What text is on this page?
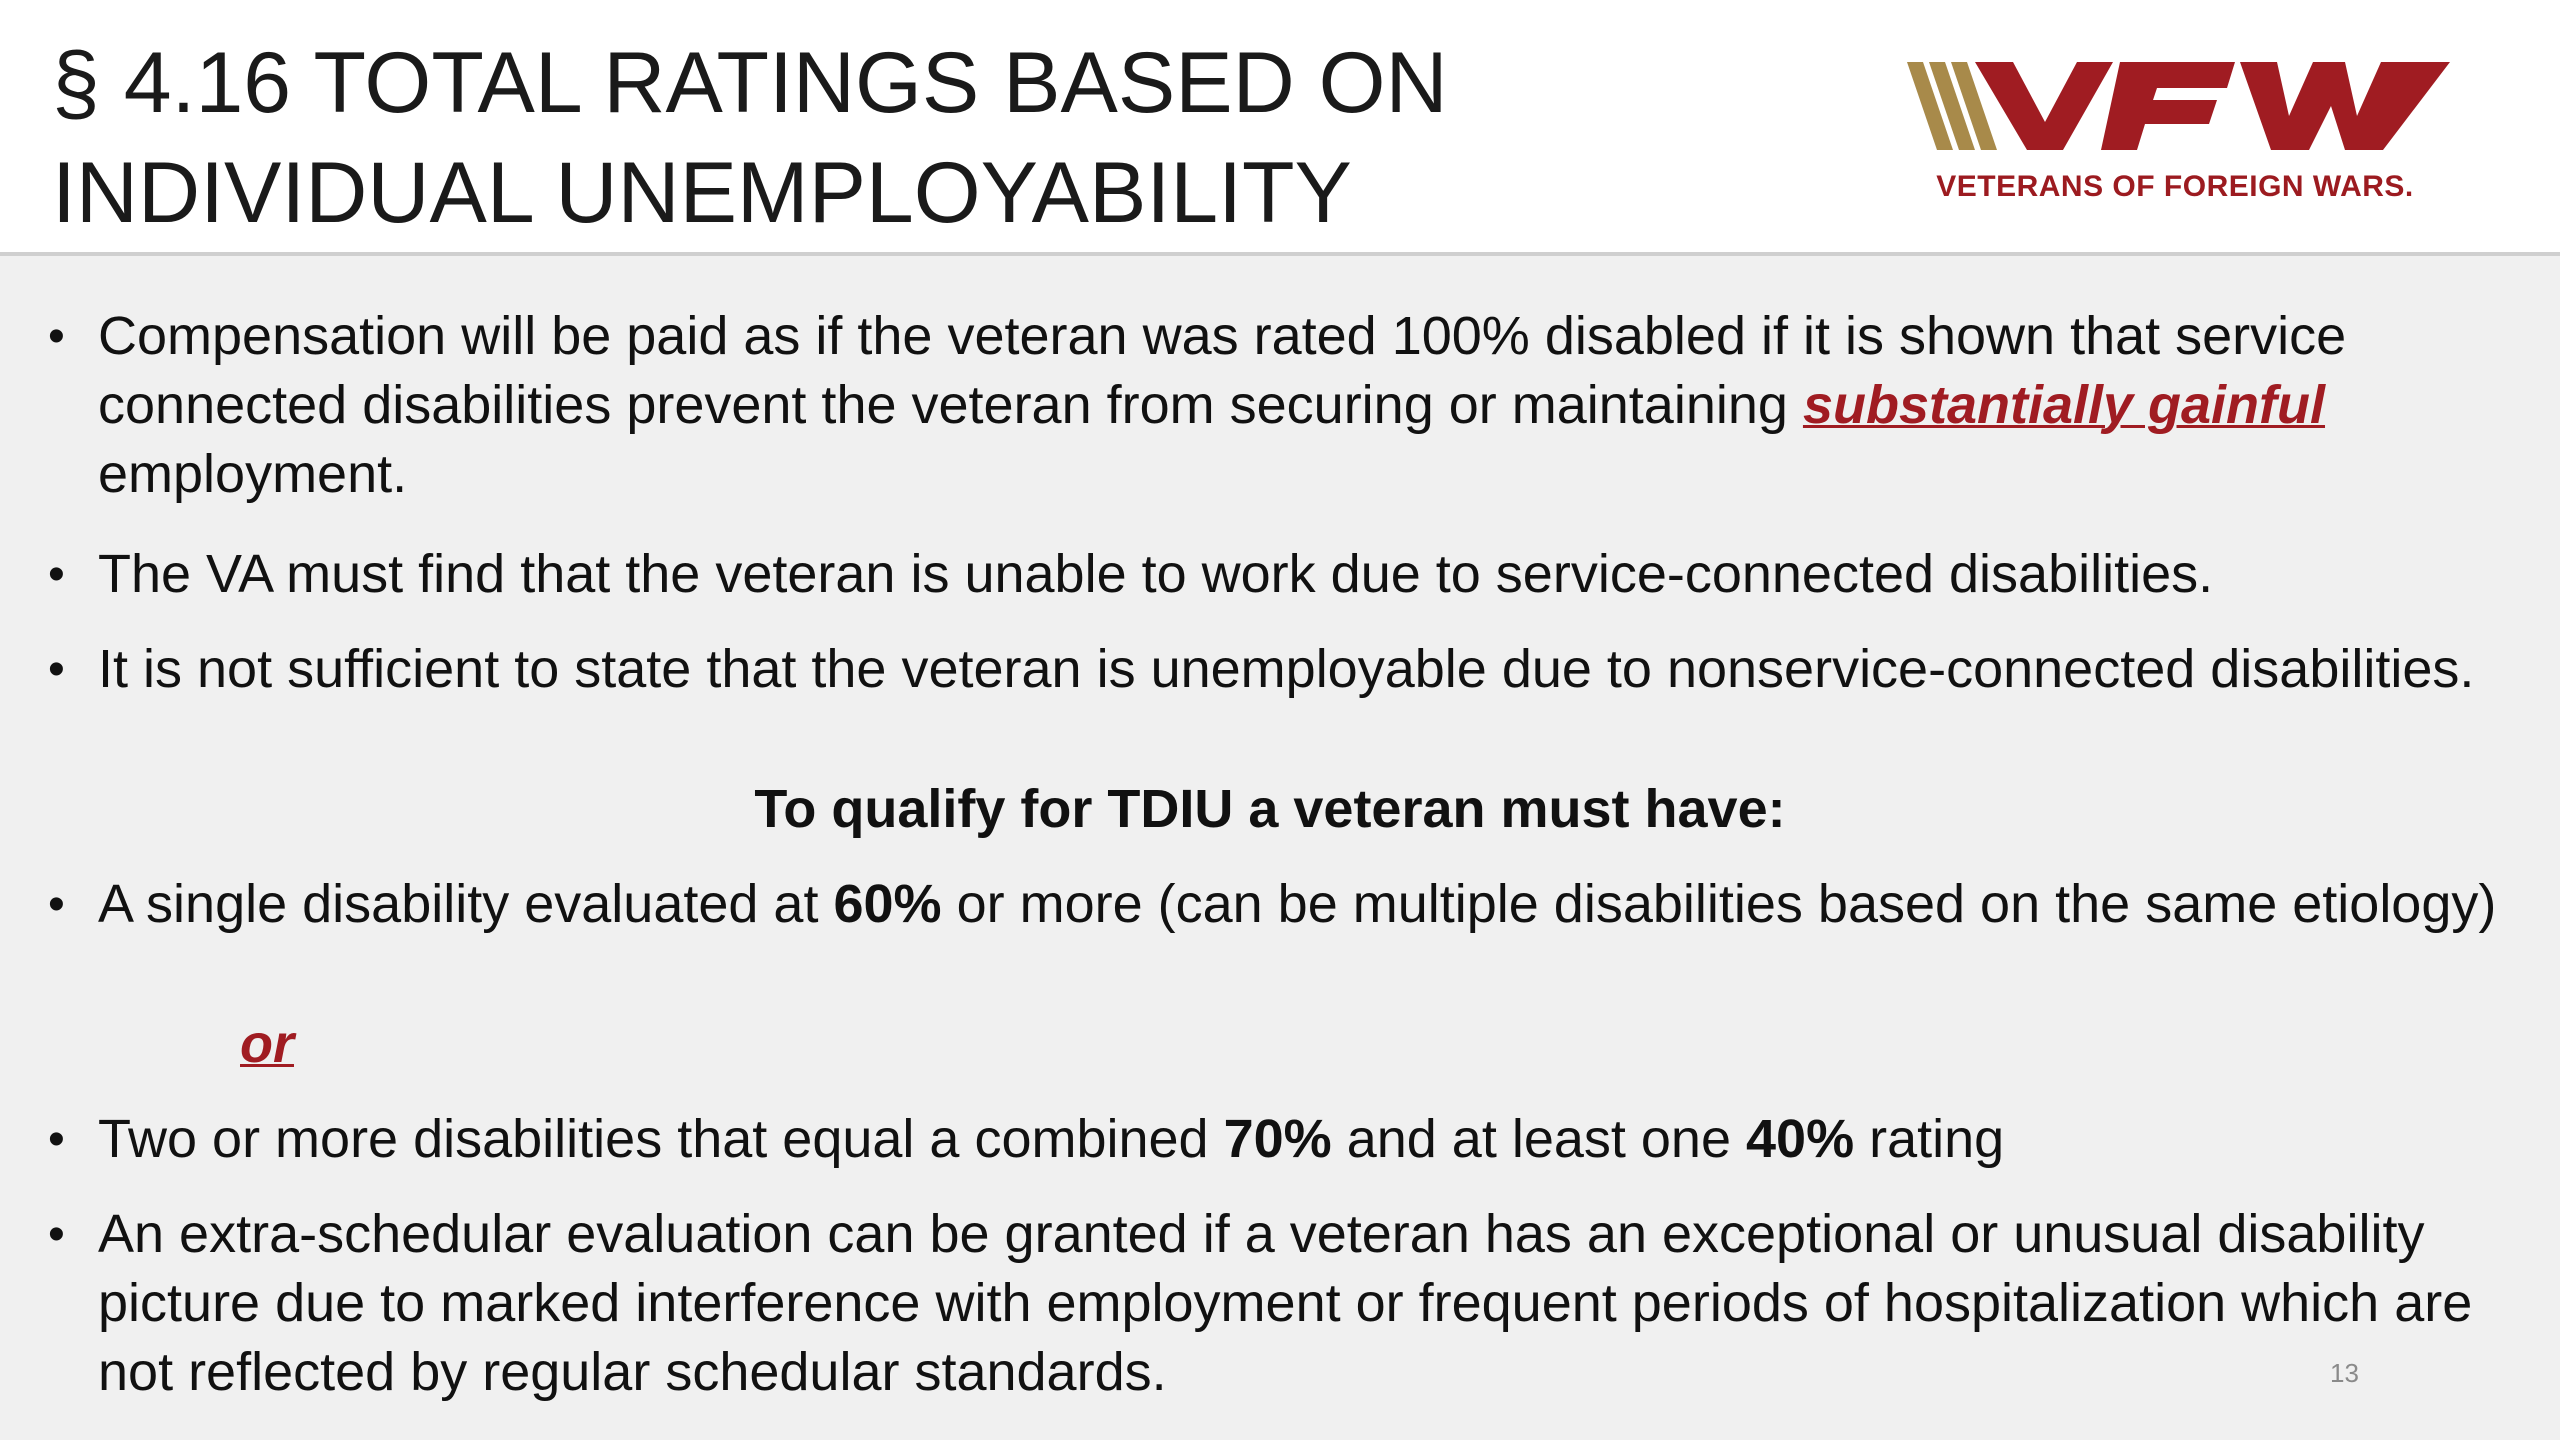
§ 4.16 TOTAL RATINGS BASED ON
INDIVIDUAL UNEMPLOYABILITY	VETERANS OF FOREIGN WARS.
• Compensation will be paid as if the veteran was rated 100% disabled if it is shown that service connected disabilities prevent the veteran from securing or maintaining substantially gainful employment.
• The VA must find that the veteran is unable to work due to service-connected disabilities.
• It is not sufficient to state that the veteran is unemployable due to nonservice-connected disabilities.
To qualify for TDIU a veteran must have:
• A single disability evaluated at 60% or more (can be multiple disabilities based on the same etiology)
or
• Two or more disabilities that equal a combined 70% and at least one 40% rating
• An extra-schedular evaluation can be granted if a veteran has an exceptional or unusual disability picture due to marked interference with employment or frequent periods of hospitalization which are not reflected by regular schedular standards.	13
